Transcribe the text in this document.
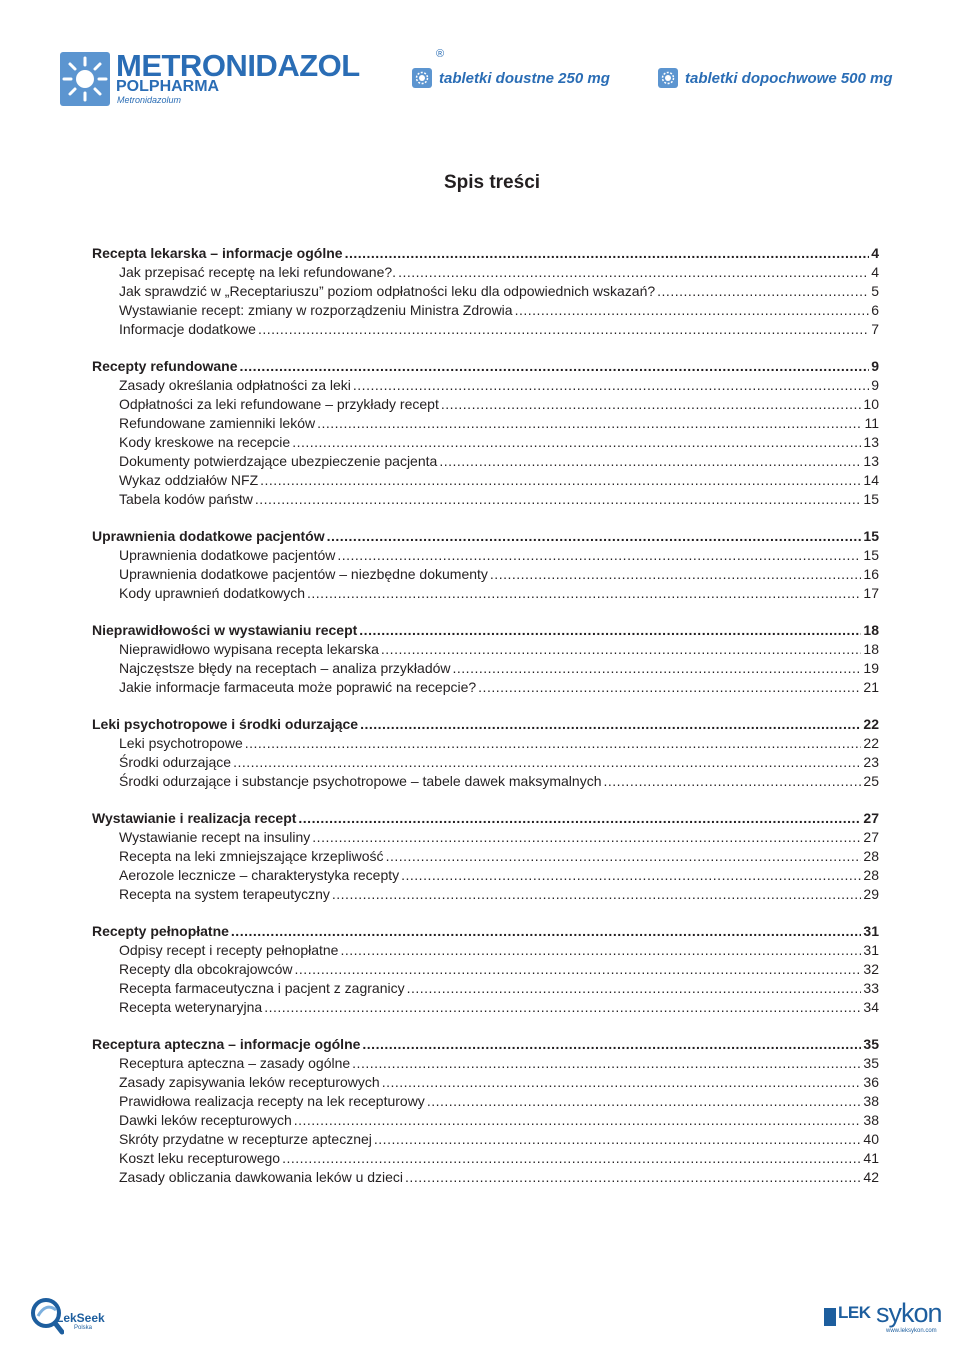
METRONIDAZOL	®
POLPHARMA
Metronidazolum
tabletki doustne 250 mg	tabletki dopochwowe 500 mg
Spis treści
Recepta lekarska – informacje ogólne .....	4
Jak przepisać receptę na leki refundowane?. .....	4
Jak sprawdzić w „Receptariuszu” poziom odpłatności leku dla odpowiednich wskazań? .....	5
Wystawianie recept: zmiany w rozporządzeniu Ministra Zdrowia .....	6
Informacje dodatkowe .....	7
Recepty refundowane .....	9
Zasady określania odpłatności za leki .....	9
Odpłatności za leki refundowane – przykłady recept .....	10
Refundowane zamienniki leków .....	11
Kody kreskowe na recepcie .....	13
Dokumenty potwierdzające ubezpieczenie pacjenta .....	13
Wykaz oddziałów NFZ .....	14
Tabela kodów państw .....	15
Uprawnienia dodatkowe pacjentów .....	15
Uprawnienia dodatkowe pacjentów .....	15
Uprawnienia dodatkowe pacjentów – niezbędne dokumenty .....	16
Kody uprawnień dodatkowych .....	17
Nieprawidłowości w wystawianiu recept .....	18
Nieprawidłowo wypisana recepta lekarska .....	18
Najczęstsze błędy na receptach – analiza przykładów .....	19
Jakie informacje farmaceuta może poprawić na recepcie? .....	21
Leki psychotropowe i środki odurzające .....	22
Leki psychotropowe .....	22
Środki odurzające .....	23
Środki odurzające i substancje psychotropowe – tabele dawek maksymalnych .....	25
Wystawianie i realizacja recept .....	27
Wystawianie recept na insuliny .....	27
Recepta na leki zmniejszające krzepliwość .....	28
Aerozole lecznicze – charakterystyka recepty .....	28
Recepta na system terapeutyczny .....	29
Recepty pełnopłatne .....	31
Odpisy recept i recepty pełnopłatne .....	31
Recepty dla obcokrajowców .....	32
Recepta farmaceutyczna i pacjent z zagranicy .....	33
Recepta weterynaryjna .....	34
Receptura apteczna – informacje ogólne .....	35
Receptura apteczna – zasady ogólne .....	35
Zasady zapisywania leków recepturowych .....	36
Prawidłowa realizacja recepty na lek recepturowy .....	38
Dawki leków recepturowych .....	38
Skróty przydatne w recepturze aptecznej .....	40
Koszt leku recepturowego .....	41
Zasady obliczania dawkowania leków u dzieci .....	42
LekSeek
Polska
LEK sykon
www.leksykon.com
